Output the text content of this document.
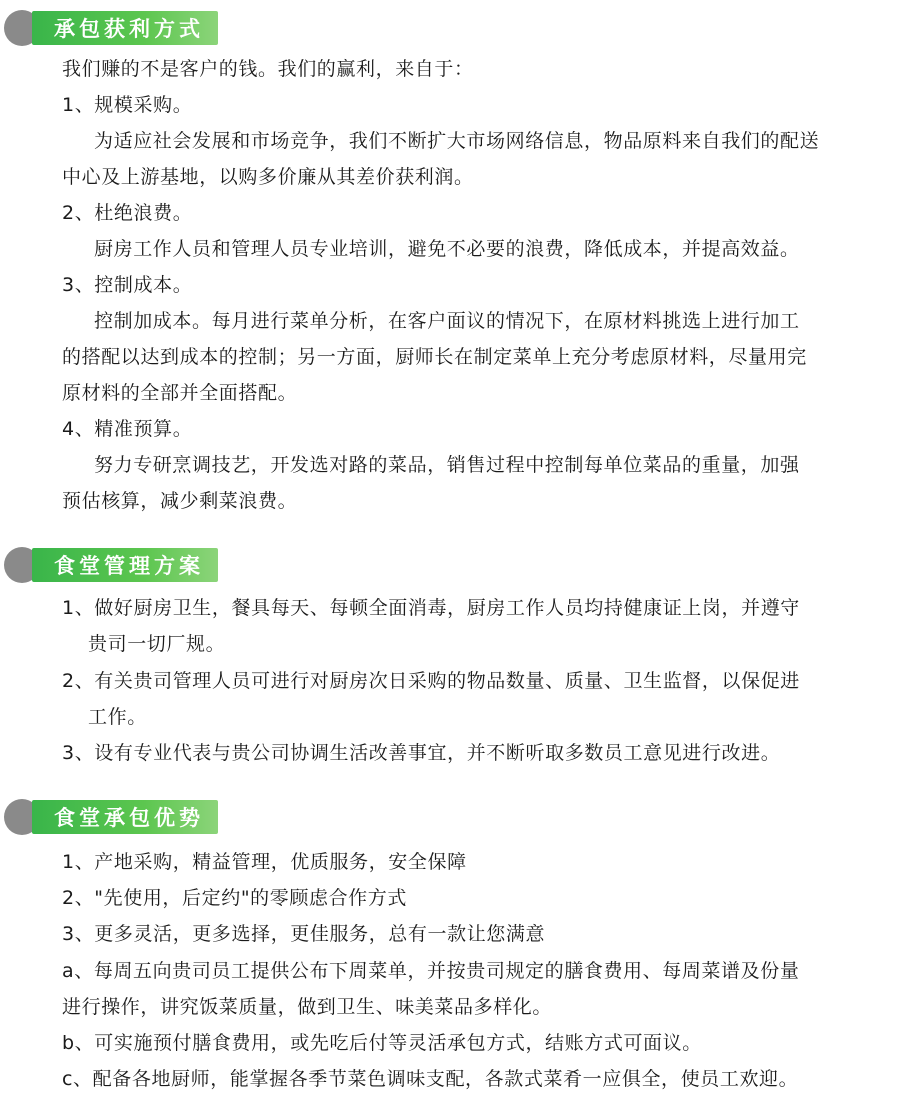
承包获利方式
我们赚的不是客户的钱。我们的赢利，来自于：
1、规模采购。
为适应社会发展和市场竞争，我们不断扩大市场网络信息，物品原料来自我们的配送
中心及上游基地，以购多价廉从其差价获利润。
2、杜绝浪费。
厨房工作人员和管理人员专业培训，避免不必要的浪费，降低成本，并提高效益。
3、控制成本。
控制加成本。每月进行菜单分析，在客户面议的情况下，在原材料挑选上进行加工
的搭配以达到成本的控制；另一方面，厨师长在制定菜单上充分考虑原材料，尽量用完
原材料的全部并全面搭配。
4、精准预算。
努力专研烹调技艺，开发选对路的菜品，销售过程中控制每单位菜品的重量，加强
预估核算，减少剩菜浪费。
食堂管理方案
1、做好厨房卫生，餐具每天、每顿全面消毒，厨房工作人员均持健康证上岗，并遵守
贵司一切厂规。
2、有关贵司管理人员可进行对厨房次日采购的物品数量、质量、卫生监督，以保促进
工作。
3、设有专业代表与贵公司协调生活改善事宜，并不断听取多数员工意见进行改进。
食堂承包优势
1、产地采购，精益管理，优质服务，安全保障
2、"先使用，后定约"的零顾虑合作方式
3、更多灵活，更多选择，更佳服务，总有一款让您满意
a、每周五向贵司员工提供公布下周菜单，并按贵司规定的膳食费用、每周菜谱及份量
进行操作，讲究饭菜质量，做到卫生、味美菜品多样化。
b、可实施预付膳食费用，或先吃后付等灵活承包方式，结账方式可面议。
c、配备各地厨师，能掌握各季节菜色调味支配，各款式菜肴一应俱全，使员工欢迎。
